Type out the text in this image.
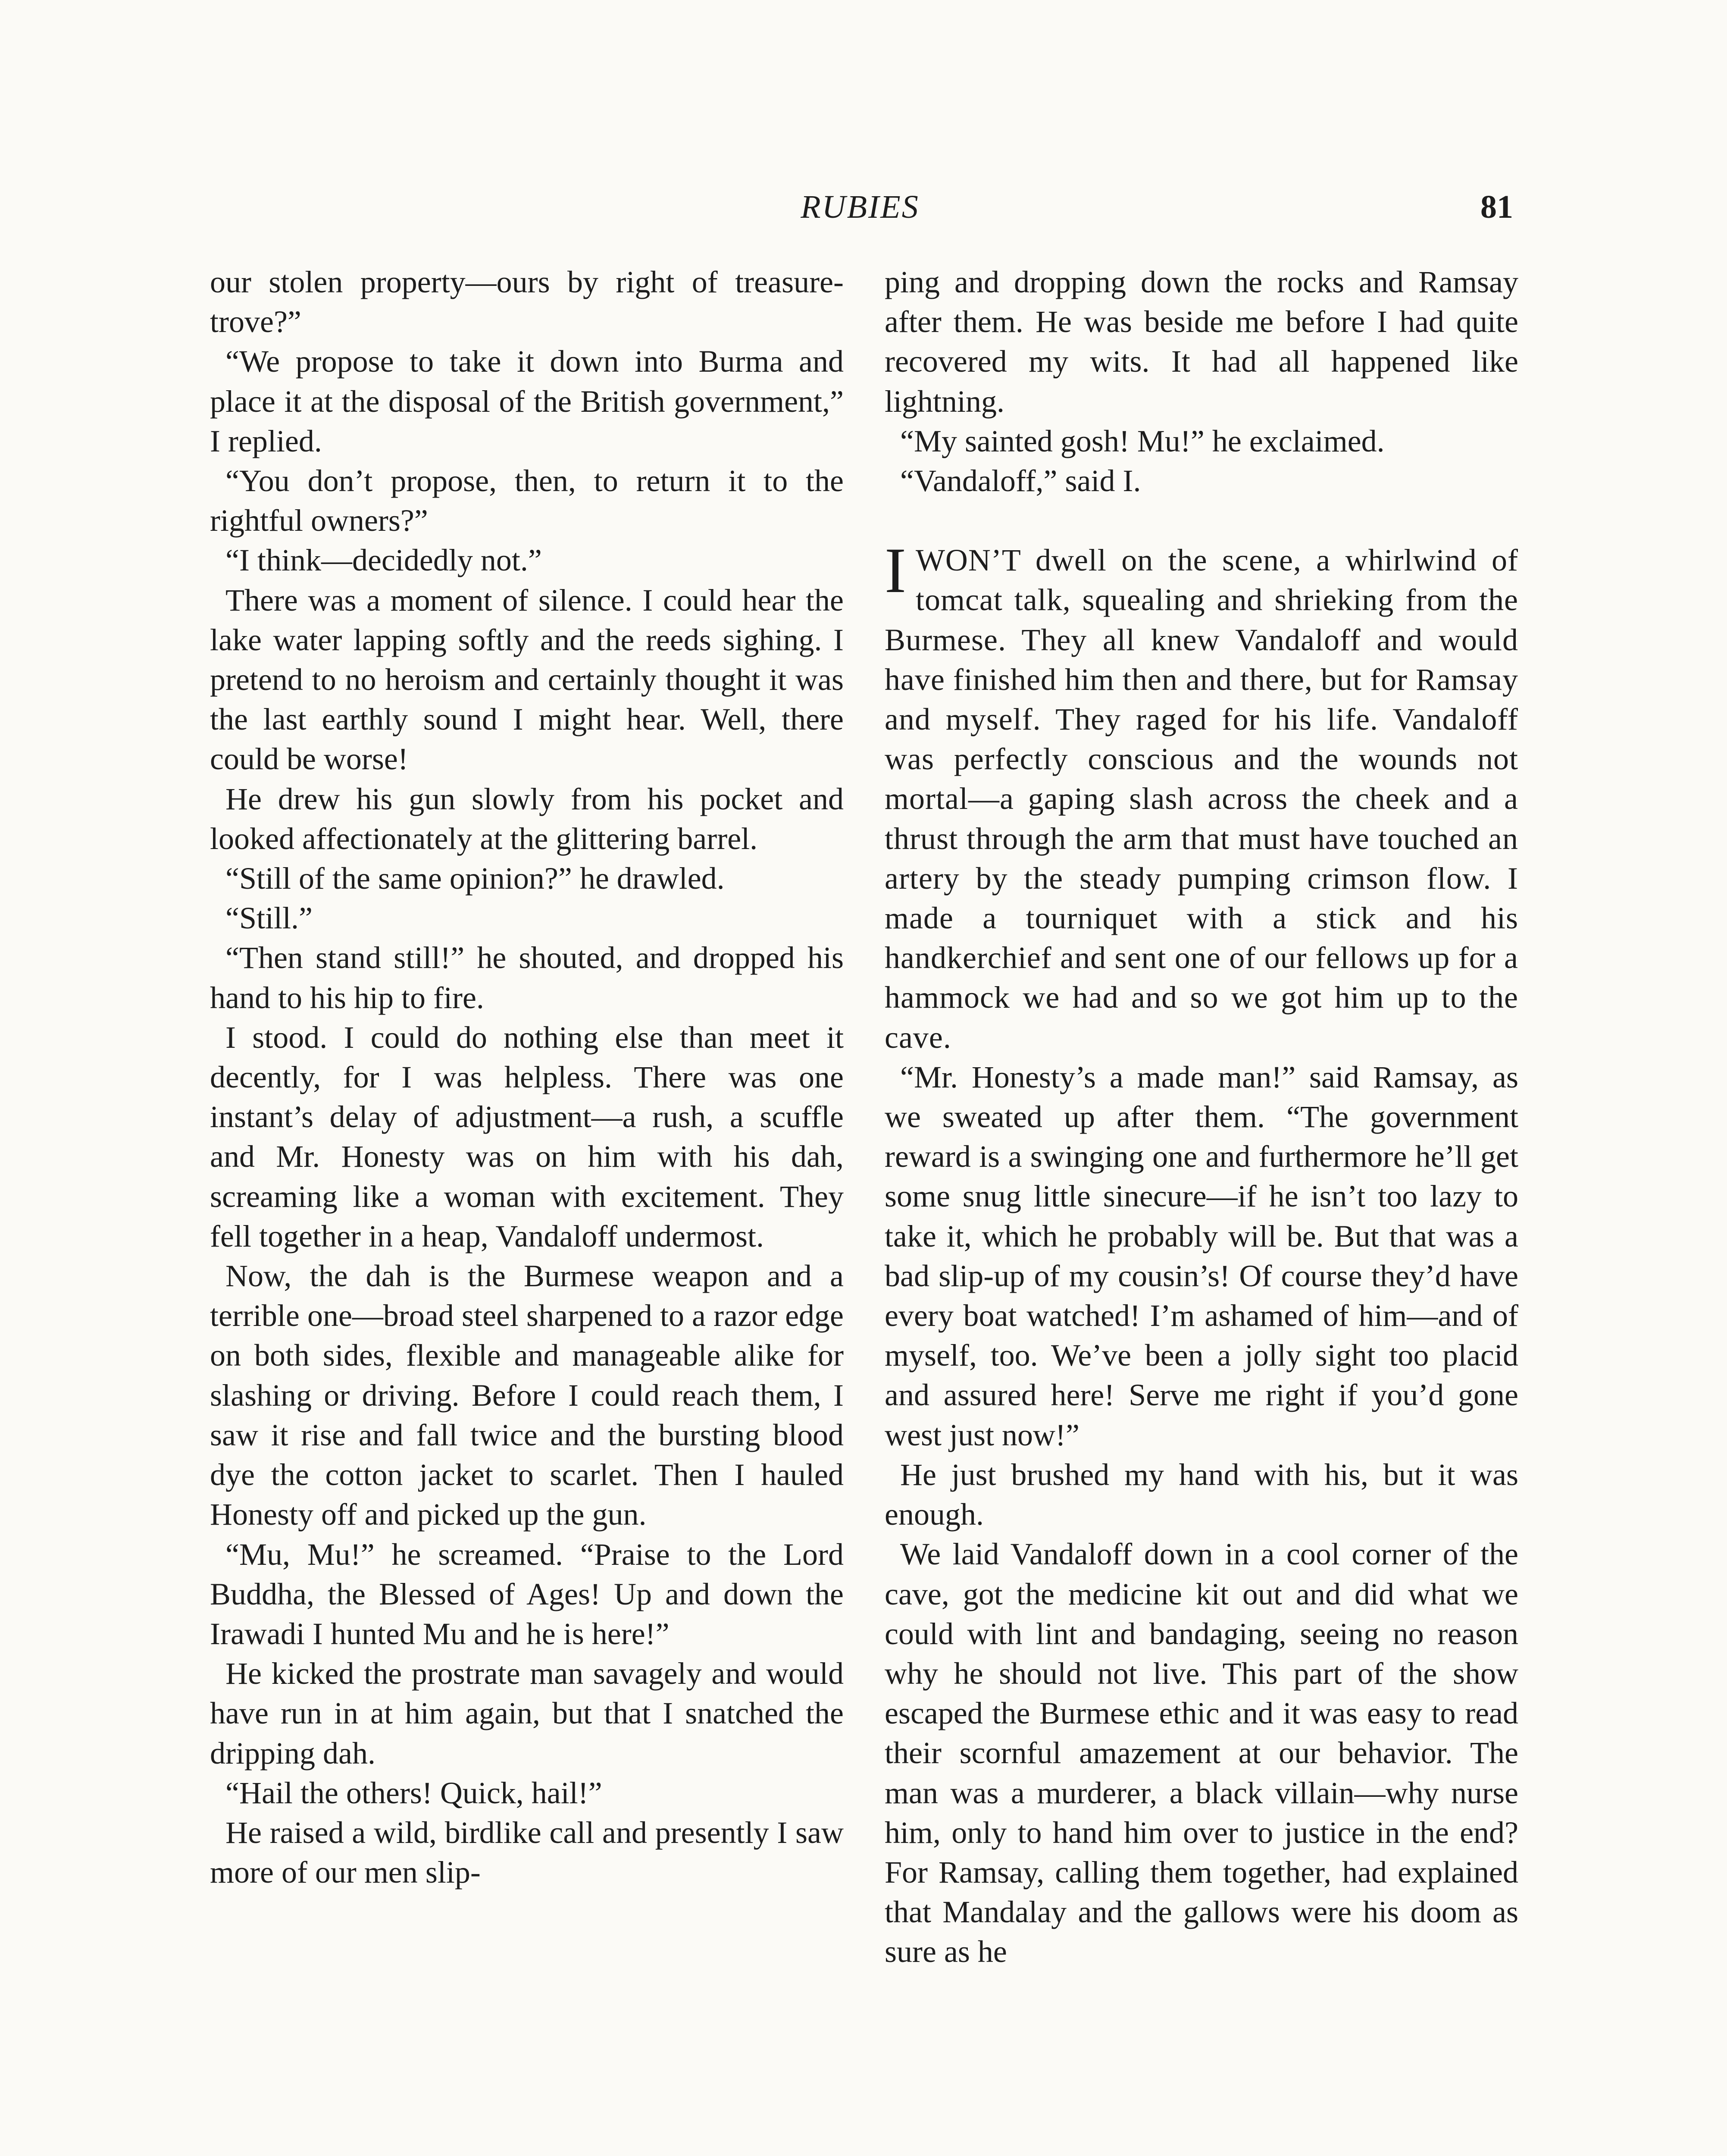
RUBIES	81

our stolen property—ours by right of treasure-trove?”

“We propose to take it down into Burma and place it at the disposal of the British government,” I replied.

“You don’t propose, then, to return it to the rightful owners?”

“I think—decidedly not.”

There was a moment of silence. I could hear the lake water lapping softly and the reeds sighing. I pretend to no heroism and certainly thought it was the last earthly sound I might hear. Well, there could be worse!

He drew his gun slowly from his pocket and looked affectionately at the glittering barrel.

“Still of the same opinion?” he drawled.

“Still.”

“Then stand still!” he shouted, and dropped his hand to his hip to fire.

I stood. I could do nothing else than meet it decently, for I was helpless. There was one instant’s delay of adjustment—a rush, a scuffle and Mr. Honesty was on him with his dah, screaming like a woman with excitement. They fell together in a heap, Vandaloff undermost.

Now, the dah is the Burmese weapon and a terrible one—broad steel sharpened to a razor edge on both sides, flexible and manageable alike for slashing or driving. Before I could reach them, I saw it rise and fall twice and the bursting blood dye the cotton jacket to scarlet. Then I hauled Honesty off and picked up the gun.

“Mu, Mu!” he screamed. “Praise to the Lord Buddha, the Blessed of Ages! Up and down the Irawadi I hunted Mu and he is here!”

He kicked the prostrate man savagely and would have run in at him again, but that I snatched the dripping dah.

“Hail the others! Quick, hail!”

He raised a wild, birdlike call and presently I saw more of our men slip-

ping and dropping down the rocks and Ramsay after them. He was beside me before I had quite recovered my wits. It had all happened like lightning.

“My sainted gosh! Mu!” he exclaimed.

“Vandaloff,” said I.

IWON’T dwell on the scene, a whirlwind of tomcat talk, squealing and shrieking from the Burmese. They all knew Vandaloff and would have finished him then and there, but for Ramsay and myself. They raged for his life. Vandaloff was perfectly conscious and the wounds not mortal—a gaping slash across the cheek and a thrust through the arm that must have touched an artery by the steady pumping crimson flow. I made a tourniquet with a stick and his handkerchief and sent one of our fellows up for a hammock we had and so we got him up to the cave.

“Mr. Honesty’s a made man!” said Ramsay, as we sweated up after them. “The government reward is a swinging one and furthermore he’ll get some snug little sinecure—if he isn’t too lazy to take it, which he probably will be. But that was a bad slip-up of my cousin’s! Of course they’d have every boat watched! I’m ashamed of him—and of myself, too. We’ve been a jolly sight too placid and assured here! Serve me right if you’d gone west just now!”

He just brushed my hand with his, but it was enough.

We laid Vandaloff down in a cool corner of the cave, got the medicine kit out and did what we could with lint and bandaging, seeing no reason why he should not live. This part of the show escaped the Burmese ethic and it was easy to read their scornful amazement at our behavior. The man was a murderer, a black villain—why nurse him, only to hand him over to justice in the end? For Ramsay, calling them together, had explained that Mandalay and the gallows were his doom as sure as he
